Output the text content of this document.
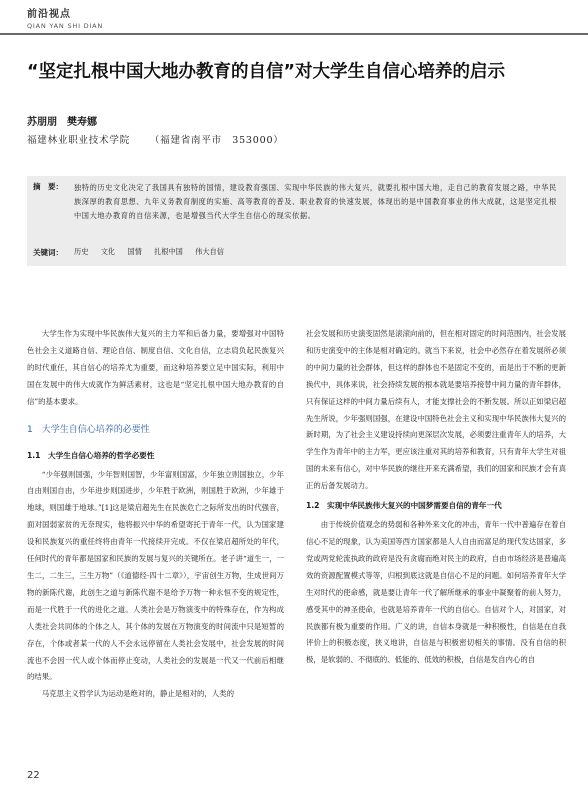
前沿视点
QIAN YAN SHI DIAN
“坚定扎根中国大地办教育的自信”对大学生自信心培养的启示
苏朋朋　樊寿娜
福建林业职业技术学院 （福建省南平市　353000）
摘　要： 独特的历史文化决定了我国具有独特的国情，建设教育强国、实现中华民族的伟大复兴，就要扎根中国大地，走自己的教育发展之路，中华民族深厚的教育思想、九年义务教育制度的实施、高等教育的普及、职业教育的快速发展，体现出的是中国教育事业的伟大成就，这是坚定扎根中国大地办教育的自信来源，也是增强当代大学生自信心的现实依据。
关键词： 历史 文化 国情 扎根中国 伟大自信

大学生作为实现中华民族伟大复兴的主力军和后备力量，要增强对中国特色社会主义道路自信、理论自信、制度自信、文化自信，立志肩负起民族复兴的时代重任，其自信心的培养尤为重要，而这种培养要立足中国实际，利用中国在发展中的伟大成就作为鲜活素材，这也是“坚定扎根中国大地办教育的自信”的基本要求。

1　大学生自信心培养的必要性
1.1　大学生自信心培养的哲学必要性

“少年强则国强，少年智则国智，少年富则国富，少年独立则国独立，少年自由则国自由，少年进步则国进步，少年胜于欧洲，则国胜于欧洲，少年雄于地球，则国雄于地球。”[1]这是梁启超先生在民族危亡之际所发出的时代强音，面对国弱家贫的无奈现实，他将振兴中华的希望寄托于青年一代，认为国家建设和民族复兴的重任终将由青年一代接续开完成。不仅在梁启超所处的年代，任何时代的青年都是国家和民族的发展与复兴的关键所在。老子讲“道生一，一生二，二生三，三生万物”（《道德经·四十二章》），宇宙创生万物，生成世间万物的新陈代谢，此创生之道与新陈代谢不是给予万物一种永恒不变的规定性，而是一代胜于一代的进化之道。人类社会是万物演变中的特殊存在，作为构成人类社会共同体的个体之人，其个体的发展在万物演变的时间流中只是短暂的存在，个体或者某一代的人不会永远停留在人类社会发展中，社会发展的时间流也不会因一代人或个体而停止变动，人类社会的发展是一代又一代前后相继的结果。

马克思主义哲学认为运动是绝对的，静止是相对的，人类的

社会发展和历史演变固然是滚滚向前的，但在相对固定的时间范围内，社会发展和历史演变中的主体是相对确定的。就当下来说，社会中必然存在着发展所必须的中间力量的社会群体，但这样的群体也不是固定不变的，而是出于不断的更新换代中，具体来说，社会持续发展的根本就是要培养接替中间力量的青年群体，只有保证这样的中间力量后续有人，才能支撑社会的不断发展。所以正如梁启超先生所说，少年强则国强，在建设中国特色社会主义和实现中华民族伟大复兴的新时期，为了社会主义建设持续向更深层次发展，必须要注重青年人的培养，大学生作为青年中的主力军，更应该注重对其的培养和教育，只有青年大学生对祖国的未来有信心，对中华民族的继往开来充满希望，我们的国家和民族才会有真正的后备发展动力。

1.2　实现中华民族伟大复兴的中国梦需要自信的青年一代

由于传统价值观念的势弱和各种外来文化的冲击，青年一代中普遍存在着自信心不足的现象，认为美国等西方国家都是人人自由而富足的现代发达国家，多党或两党轮流执政的政府是没有贪腐而绝对民主的政府，自由市场经济是普遍高效的资源配置模式等等，归根到底这就是自信心不足的问题。如何培养青年大学生对时代的使命感，就是要让青年一代了解所继承的事业中凝聚着的前人努力，感受其中的神圣使命，也就是培养青年一代的自信心。自信对个人，对国家，对民族都有极为重要的作用。广义的讲，自信本身就是一种积极性，自信是在自我评价上的积极态度，狭义地讲，自信是与积极密切相关的事情。没有自信的积极，是软弱的、不彻底的、低能的、低效的积极，自信是发自内心的自

22
